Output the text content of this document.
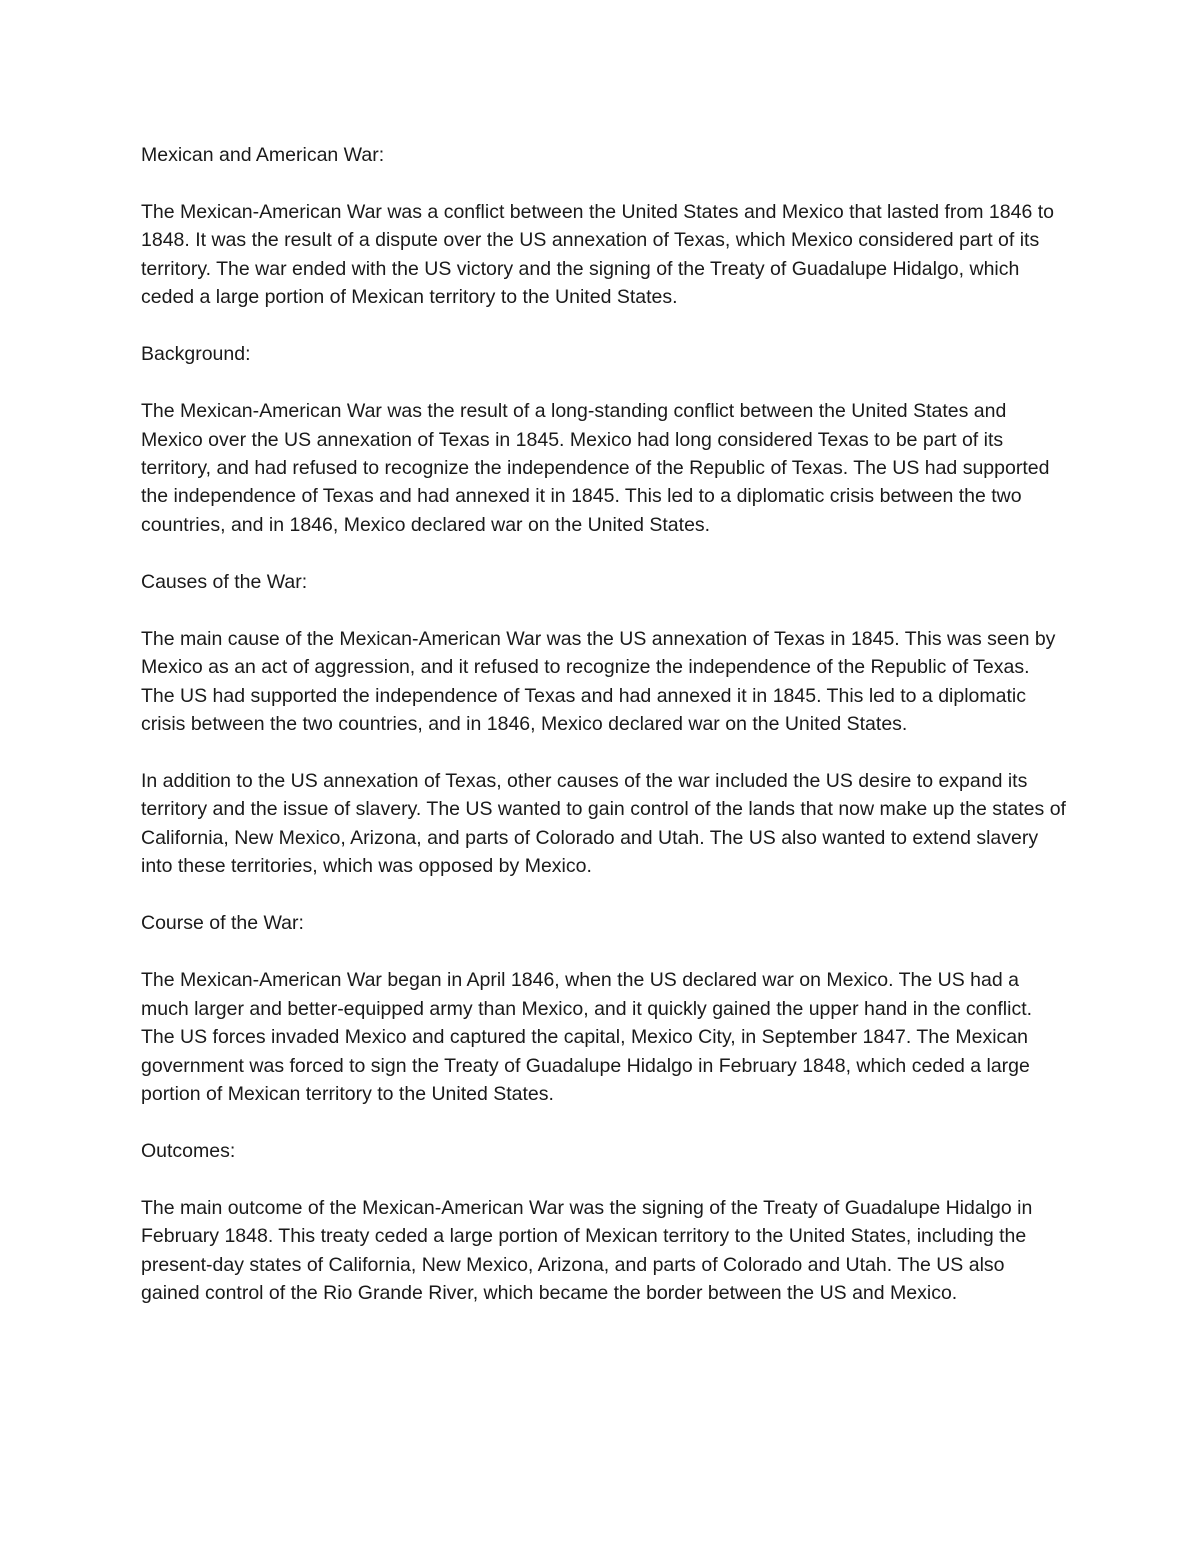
Mexican and American War:

The Mexican-American War was a conflict between the United States and Mexico that lasted from 1846 to 1848. It was the result of a dispute over the US annexation of Texas, which Mexico considered part of its territory. The war ended with the US victory and the signing of the Treaty of Guadalupe Hidalgo, which ceded a large portion of Mexican territory to the United States.

Background:

The Mexican-American War was the result of a long-standing conflict between the United States and Mexico over the US annexation of Texas in 1845. Mexico had long considered Texas to be part of its territory, and had refused to recognize the independence of the Republic of Texas. The US had supported the independence of Texas and had annexed it in 1845. This led to a diplomatic crisis between the two countries, and in 1846, Mexico declared war on the United States.

Causes of the War:

The main cause of the Mexican-American War was the US annexation of Texas in 1845. This was seen by Mexico as an act of aggression, and it refused to recognize the independence of the Republic of Texas. The US had supported the independence of Texas and had annexed it in 1845. This led to a diplomatic crisis between the two countries, and in 1846, Mexico declared war on the United States.

In addition to the US annexation of Texas, other causes of the war included the US desire to expand its territory and the issue of slavery. The US wanted to gain control of the lands that now make up the states of California, New Mexico, Arizona, and parts of Colorado and Utah. The US also wanted to extend slavery into these territories, which was opposed by Mexico.

Course of the War:

The Mexican-American War began in April 1846, when the US declared war on Mexico. The US had a much larger and better-equipped army than Mexico, and it quickly gained the upper hand in the conflict. The US forces invaded Mexico and captured the capital, Mexico City, in September 1847. The Mexican government was forced to sign the Treaty of Guadalupe Hidalgo in February 1848, which ceded a large portion of Mexican territory to the United States.

Outcomes:

The main outcome of the Mexican-American War was the signing of the Treaty of Guadalupe Hidalgo in February 1848. This treaty ceded a large portion of Mexican territory to the United States, including the present-day states of California, New Mexico, Arizona, and parts of Colorado and Utah. The US also gained control of the Rio Grande River, which became the border between the US and Mexico.
